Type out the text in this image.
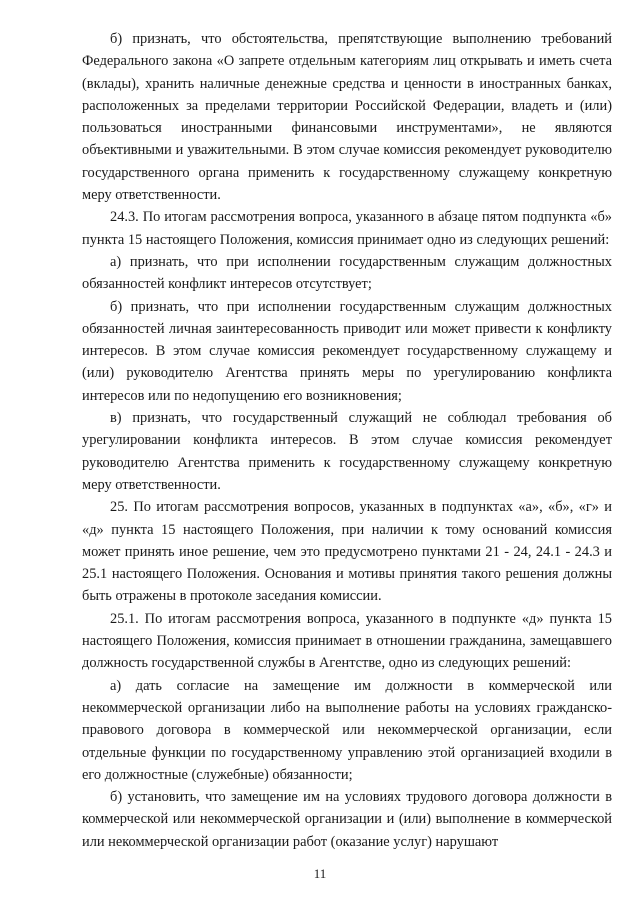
б) признать, что обстоятельства, препятствующие выполнению требований Федерального закона «О запрете отдельным категориям лиц открывать и иметь счета (вклады), хранить наличные денежные средства и ценности в иностранных банках, расположенных за пределами территории Российской Федерации, владеть и (или) пользоваться иностранными финансовыми инструментами», не являются объективными и уважительными. В этом случае комиссия рекомендует руководителю государственного органа применить к государственному служащему конкретную меру ответственности.

24.3. По итогам рассмотрения вопроса, указанного в абзаце пятом подпункта «б» пункта 15 настоящего Положения, комиссия принимает одно из следующих решений:

а) признать, что при исполнении государственным служащим должностных обязанностей конфликт интересов отсутствует;

б) признать, что при исполнении государственным служащим должностных обязанностей личная заинтересованность приводит или может привести к конфликту интересов. В этом случае комиссия рекомендует государственному служащему и (или) руководителю Агентства принять меры по урегулированию конфликта интересов или по недопущению его возникновения;

в) признать, что государственный служащий не соблюдал требования об урегулировании конфликта интересов. В этом случае комиссия рекомендует руководителю Агентства применить к государственному служащему конкретную меру ответственности.

25. По итогам рассмотрения вопросов, указанных в подпунктах «а», «б», «г» и «д» пункта 15 настоящего Положения, при наличии к тому оснований комиссия может принять иное решение, чем это предусмотрено пунктами 21 - 24, 24.1 - 24.3 и 25.1 настоящего Положения. Основания и мотивы принятия такого решения должны быть отражены в протоколе заседания комиссии.

25.1. По итогам рассмотрения вопроса, указанного в подпункте «д» пункта 15 настоящего Положения, комиссия принимает в отношении гражданина, замещавшего должность государственной службы в Агентстве, одно из следующих решений:

а) дать согласие на замещение им должности в коммерческой или некоммерческой организации либо на выполнение работы на условиях гражданско-правового договора в коммерческой или некоммерческой организации, если отдельные функции по государственному управлению этой организацией входили в его должностные (служебные) обязанности;

б) установить, что замещение им на условиях трудового договора должности в коммерческой или некоммерческой организации и (или) выполнение в коммерческой или некоммерческой организации работ (оказание услуг) нарушают

11
